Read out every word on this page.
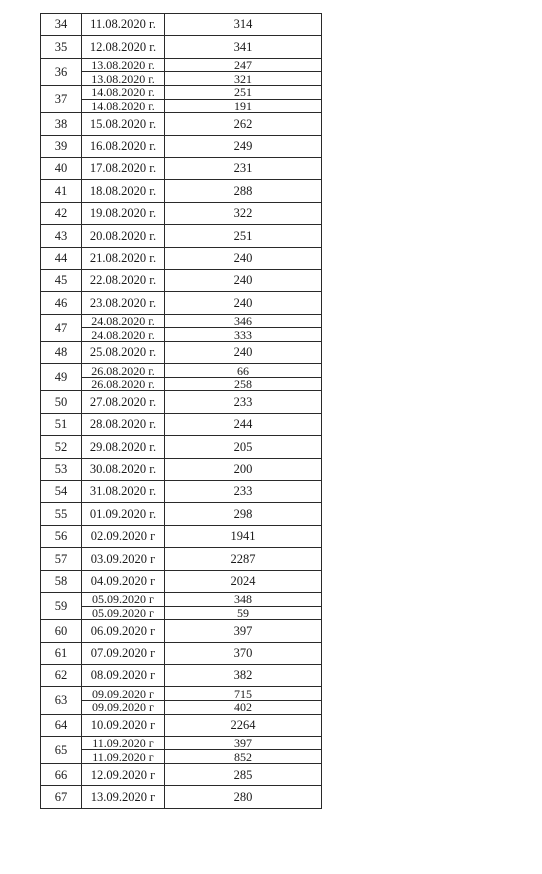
34	11.08.2020 г.	314
35	12.08.2020 г.	341
36	13.08.2020 г.	247
	13.08.2020 г.	321
37	14.08.2020 г.	251
	14.08.2020 г.	191
38	15.08.2020 г.	262
39	16.08.2020 г.	249
40	17.08.2020 г.	231
41	18.08.2020 г.	288
42	19.08.2020 г.	322
43	20.08.2020 г.	251
44	21.08.2020 г.	240
45	22.08.2020 г.	240
46	23.08.2020 г.	240
47	24.08.2020 г.	346
	24.08.2020 г.	333
48	25.08.2020 г.	240
49	26.08.2020 г.	66
	26.08.2020 г.	258
50	27.08.2020 г.	233
51	28.08.2020 г.	244
52	29.08.2020 г.	205
53	30.08.2020 г.	200
54	31.08.2020 г.	233
55	01.09.2020 г.	298
56	02.09.2020 г	1941
57	03.09.2020 г	2287
58	04.09.2020 г	2024
59	05.09.2020 г	348
	05.09.2020 г	59
60	06.09.2020 г	397
61	07.09.2020 г	370
62	08.09.2020 г	382
63	09.09.2020 г	715
	09.09.2020 г	402
64	10.09.2020 г	2264
65	11.09.2020 г	397
	11.09.2020 г	852
66	12.09.2020 г	285
67	13.09.2020 г	280
